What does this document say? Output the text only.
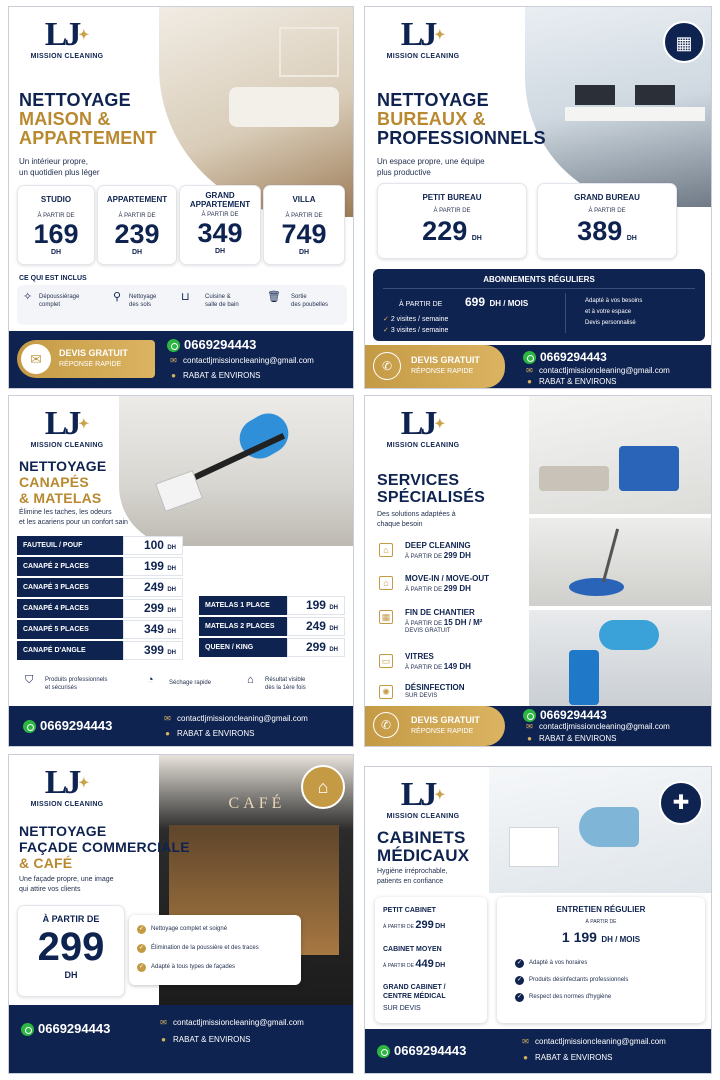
LJ✦
MISSION CLEANING
NETTOYAGE
MAISON &
APPARTEMENT
Un intérieur propre,
un quotidien plus léger
STUDIO
À PARTIR DE
169
DH
APPARTEMENT
À PARTIR DE
239
DH
GRAND
APPARTEMENT
À PARTIR DE
349
DH
VILLA
À PARTIR DE
749
DH
CE QUI EST INCLUS
✧ Dépoussiérage
complet
⚲ Nettoyage
des sols
⊔	Cuisine &
salle de bain
🗑 Sortie
des poubelles
✉	DEVIS GRATUIT
RÉPONSE RAPIDE
0669294443
✉ contactljmissioncleaning@gmail.com
● RABAT & ENVIRONS
▦
LJ✦
MISSION CLEANING
NETTOYAGE
BUREAUX &
PROFESSIONNELS
Un espace propre, une équipe
plus productive
PETIT BUREAU
À PARTIR DE
229 DH
GRAND BUREAU
À PARTIR DE
389 DH
ABONNEMENTS RÉGULIERS
À PARTIR DE 699 DH / MOIS
✓ 2 visites / semaine
✓ 3 visites / semaine
Adapté à vos besoins
et à votre espace
Devis personnalisé
✆	DEVIS GRATUIT
RÉPONSE RAPIDE
0669294443
✉ contactljmissioncleaning@gmail.com
● RABAT & ENVIRONS
LJ✦
MISSION CLEANING
NETTOYAGE
CANAPÉS
& MATELAS
Élimine les taches, les odeurs
et les acariens pour un confort sain
⛉ Produits professionnels
et sécurisés
◔	Séchage rapide	⌂ Résultat visible
dès la 1ère fois
0669294443	✉ contactljmissioncleaning@gmail.com
● RABAT & ENVIRONS
FAUTEUIL / POUF	100 DH
CANAPÉ 2 PLACES	199 DH
CANAPÉ 3 PLACES	249 DH
CANAPÉ 4 PLACES	299 DH
CANAPÉ 5 PLACES	349 DH
CANAPÉ D'ANGLE	399 DH
MATELAS 1 PLACE	199 DH
MATELAS 2 PLACES	249 DH
QUEEN / KING	299 DH
LJ✦
MISSION CLEANING
SERVICES
SPÉCIALISÉS
Des solutions adaptées à
chaque besoin
⌂	DEEP CLEANING
À PARTIR DE 299 DH
⌂	MOVE-IN / MOVE-OUT
À PARTIR DE 299 DH
▦	FIN DE CHANTIER
À PARTIR DE 15 DH / M²
DEVIS GRATUIT
▭	VITRES
À PARTIR DE 149 DH
✺	DÉSINFECTION
SUR DEVIS
✆	DEVIS GRATUIT
RÉPONSE RAPIDE
0669294443
✉ contactljmissioncleaning@gmail.com
● RABAT & ENVIRONS
CAFÉ
⌂
LJ✦
MISSION CLEANING
NETTOYAGE
FAÇADE COMMERCIALE
& CAFÉ
Une façade propre, une image
qui attire vos clients
À PARTIR DE
299
DH
✓ Nettoyage complet et soigné
✓ Élimination de la poussière et des traces
✓ Adapté à tous types de façades
0669294443	✉ contactljmissioncleaning@gmail.com
● RABAT & ENVIRONS
✚
LJ✦
MISSION CLEANING
CABINETS
MÉDICAUX
Hygiène irréprochable,
patients en confiance
PETIT CABINET
À PARTIR DE 299 DH
CABINET MOYEN
À PARTIR DE 449 DH
GRAND CABINET /
CENTRE MÉDICAL
SUR DEVIS
ENTRETIEN RÉGULIER
À PARTIR DE
1 199 DH / MOIS
✓ Adapté à vos horaires
✓ Produits désinfectants professionnels
✓ Respect des normes d'hygiène
0669294443
✉ contactljmissioncleaning@gmail.com
● RABAT & ENVIRONS
